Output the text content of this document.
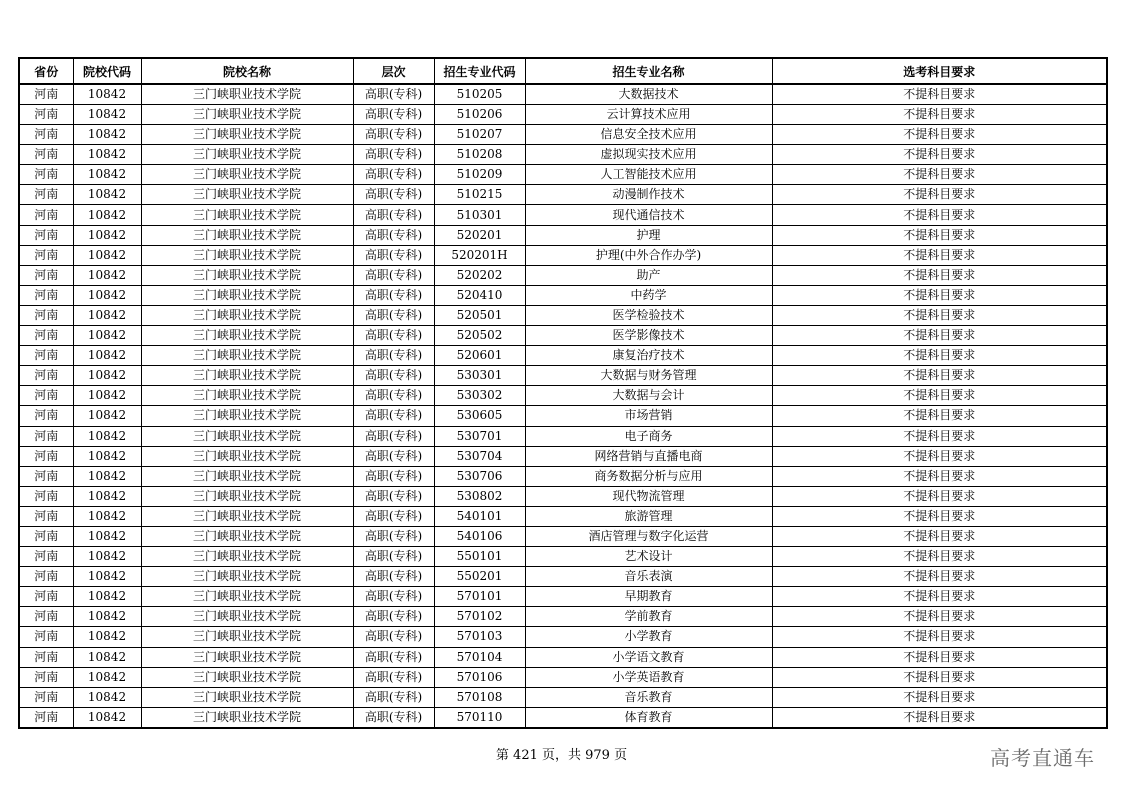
省份	院校代码	院校名称	层次	招生专业代码	招生专业名称	选考科目要求
河南	10842	三门峡职业技术学院	高职(专科)	510205	大数据技术	不提科目要求
河南	10842	三门峡职业技术学院	高职(专科)	510206	云计算技术应用	不提科目要求
河南	10842	三门峡职业技术学院	高职(专科)	510207	信息安全技术应用	不提科目要求
河南	10842	三门峡职业技术学院	高职(专科)	510208	虚拟现实技术应用	不提科目要求
河南	10842	三门峡职业技术学院	高职(专科)	510209	人工智能技术应用	不提科目要求
河南	10842	三门峡职业技术学院	高职(专科)	510215	动漫制作技术	不提科目要求
河南	10842	三门峡职业技术学院	高职(专科)	510301	现代通信技术	不提科目要求
河南	10842	三门峡职业技术学院	高职(专科)	520201	护理	不提科目要求
河南	10842	三门峡职业技术学院	高职(专科)	520201H	护理(中外合作办学)	不提科目要求
河南	10842	三门峡职业技术学院	高职(专科)	520202	助产	不提科目要求
河南	10842	三门峡职业技术学院	高职(专科)	520410	中药学	不提科目要求
河南	10842	三门峡职业技术学院	高职(专科)	520501	医学检验技术	不提科目要求
河南	10842	三门峡职业技术学院	高职(专科)	520502	医学影像技术	不提科目要求
河南	10842	三门峡职业技术学院	高职(专科)	520601	康复治疗技术	不提科目要求
河南	10842	三门峡职业技术学院	高职(专科)	530301	大数据与财务管理	不提科目要求
河南	10842	三门峡职业技术学院	高职(专科)	530302	大数据与会计	不提科目要求
河南	10842	三门峡职业技术学院	高职(专科)	530605	市场营销	不提科目要求
河南	10842	三门峡职业技术学院	高职(专科)	530701	电子商务	不提科目要求
河南	10842	三门峡职业技术学院	高职(专科)	530704	网络营销与直播电商	不提科目要求
河南	10842	三门峡职业技术学院	高职(专科)	530706	商务数据分析与应用	不提科目要求
河南	10842	三门峡职业技术学院	高职(专科)	530802	现代物流管理	不提科目要求
河南	10842	三门峡职业技术学院	高职(专科)	540101	旅游管理	不提科目要求
河南	10842	三门峡职业技术学院	高职(专科)	540106	酒店管理与数字化运营	不提科目要求
河南	10842	三门峡职业技术学院	高职(专科)	550101	艺术设计	不提科目要求
河南	10842	三门峡职业技术学院	高职(专科)	550201	音乐表演	不提科目要求
河南	10842	三门峡职业技术学院	高职(专科)	570101	早期教育	不提科目要求
河南	10842	三门峡职业技术学院	高职(专科)	570102	学前教育	不提科目要求
河南	10842	三门峡职业技术学院	高职(专科)	570103	小学教育	不提科目要求
河南	10842	三门峡职业技术学院	高职(专科)	570104	小学语文教育	不提科目要求
河南	10842	三门峡职业技术学院	高职(专科)	570106	小学英语教育	不提科目要求
河南	10842	三门峡职业技术学院	高职(专科)	570108	音乐教育	不提科目要求
河南	10842	三门峡职业技术学院	高职(专科)	570110	体育教育	不提科目要求
第 421 页，共 979 页	高考直通车
